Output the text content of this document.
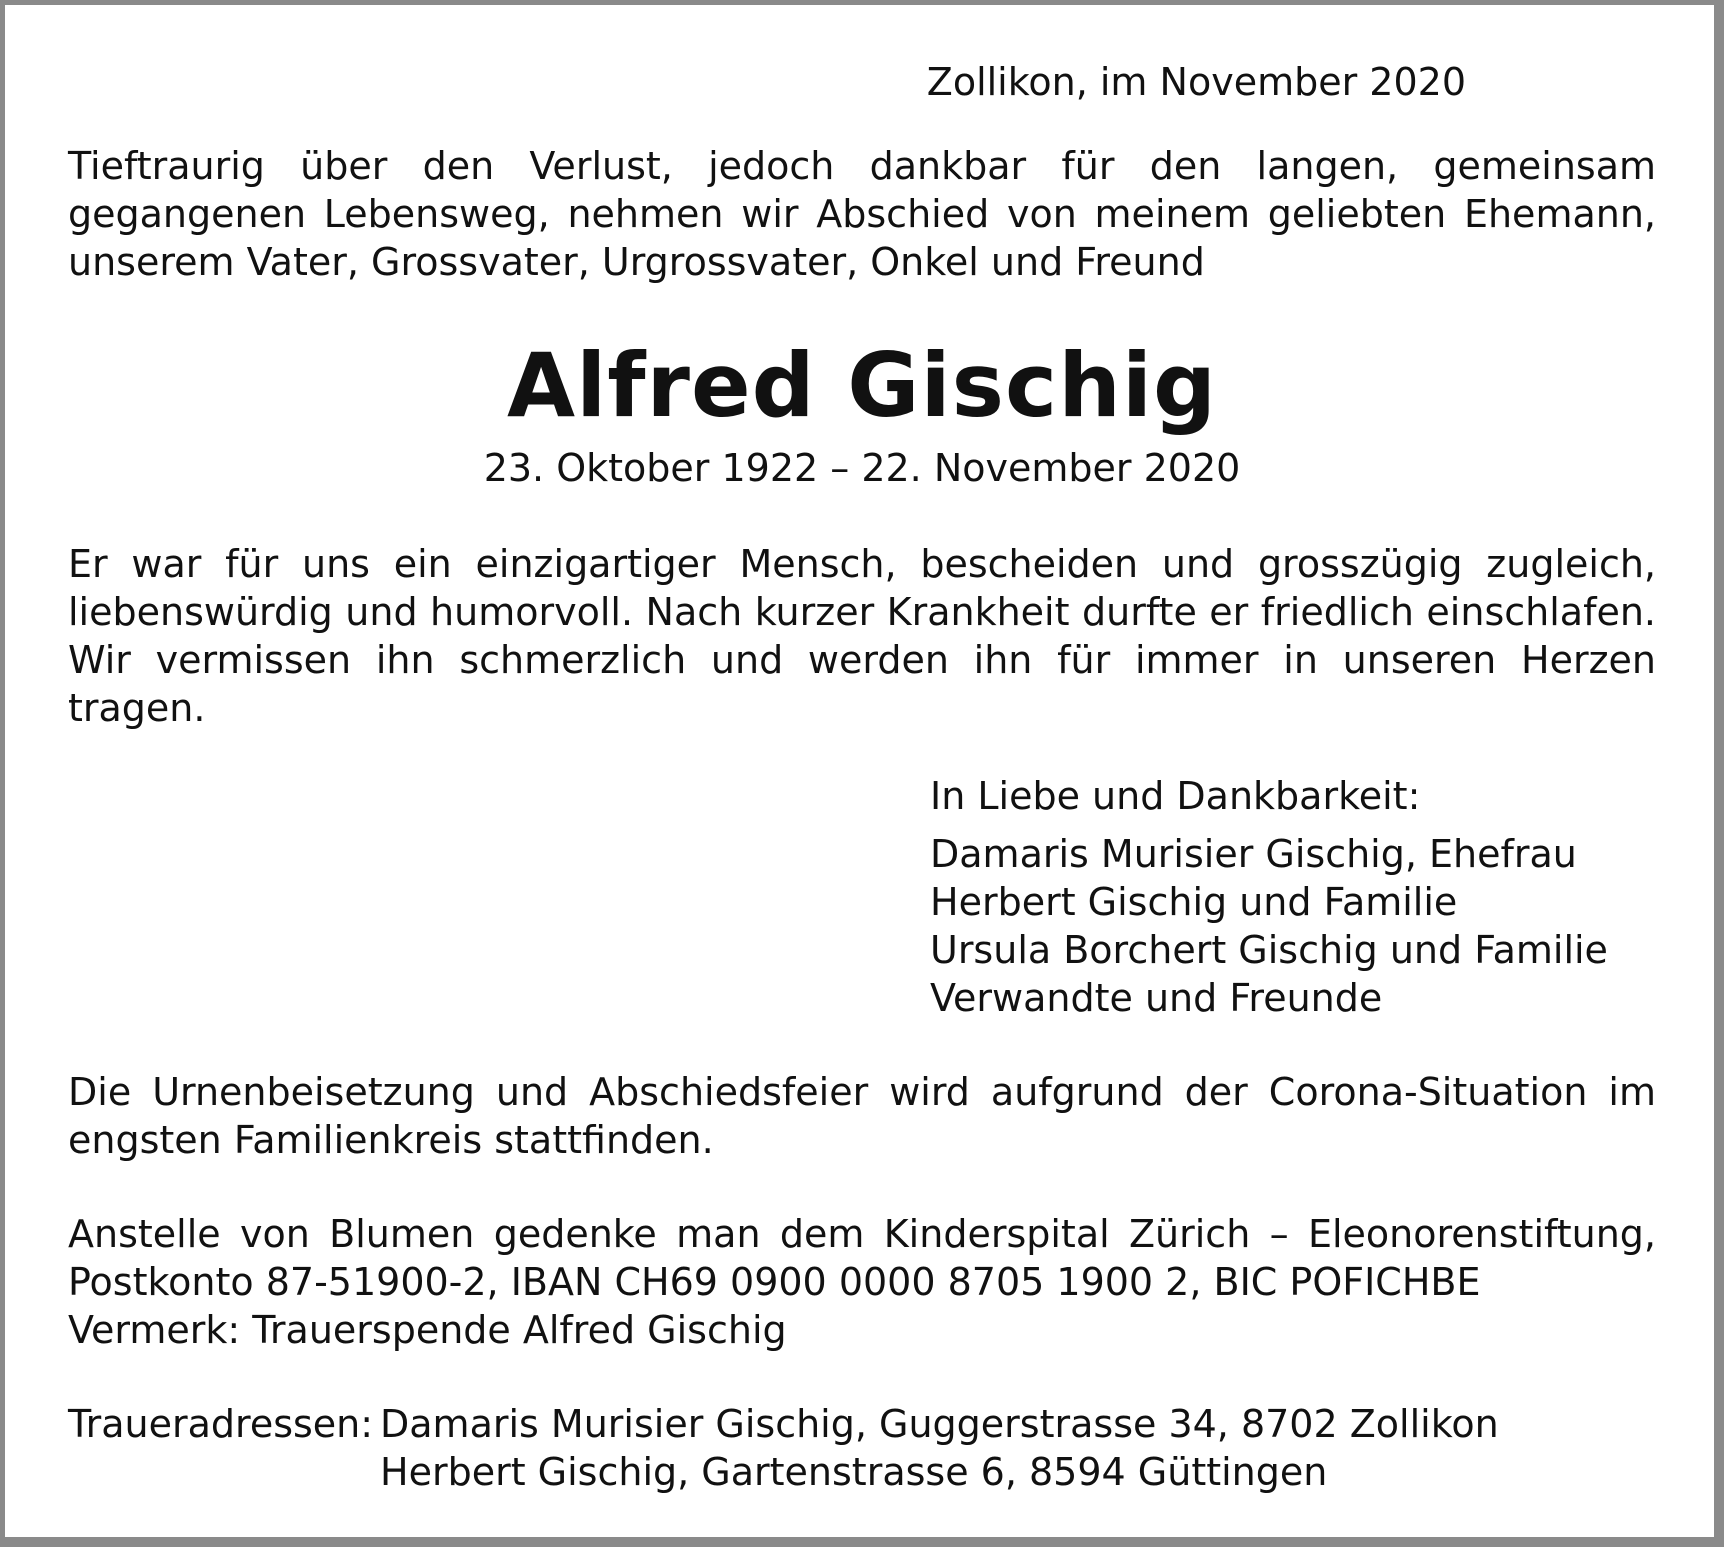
Zollikon, im November 2020

Tieftraurig über den Verlust, jedoch dankbar für den langen, gemeinsam gegangenen Lebensweg, nehmen wir Abschied von meinem geliebten Ehemann, unserem Vater, Grossvater, Urgrossvater, Onkel und Freund

Alfred Gischig

23. Oktober 1922 – 22. November 2020

Er war für uns ein einzigartiger Mensch, bescheiden und grosszügig zugleich, liebenswürdig und humorvoll. Nach kurzer Krankheit durfte er friedlich einschlafen. Wir vermissen ihn schmerzlich und werden ihn für immer in unseren Herzen tragen.

In Liebe und Dankbarkeit:

Damaris Murisier Gischig, Ehefrau
Herbert Gischig und Familie
Ursula Borchert Gischig und Familie
Verwandte und Freunde

Die Urnenbeisetzung und Abschiedsfeier wird aufgrund der Corona-Situation im engsten Familienkreis stattfinden.

Anstelle von Blumen gedenke man dem Kinderspital Zürich – Eleonorenstiftung,
Postkonto 87-51900-2, IBAN CH69 0900 0000 8705 1900 2, BIC POFICHBE
Vermerk: Trauerspende Alfred Gischig
Traueradressen: Damaris Murisier Gischig, Guggerstrasse 34, 8702 Zollikon
Herbert Gischig, Gartenstrasse 6, 8594 Güttingen
